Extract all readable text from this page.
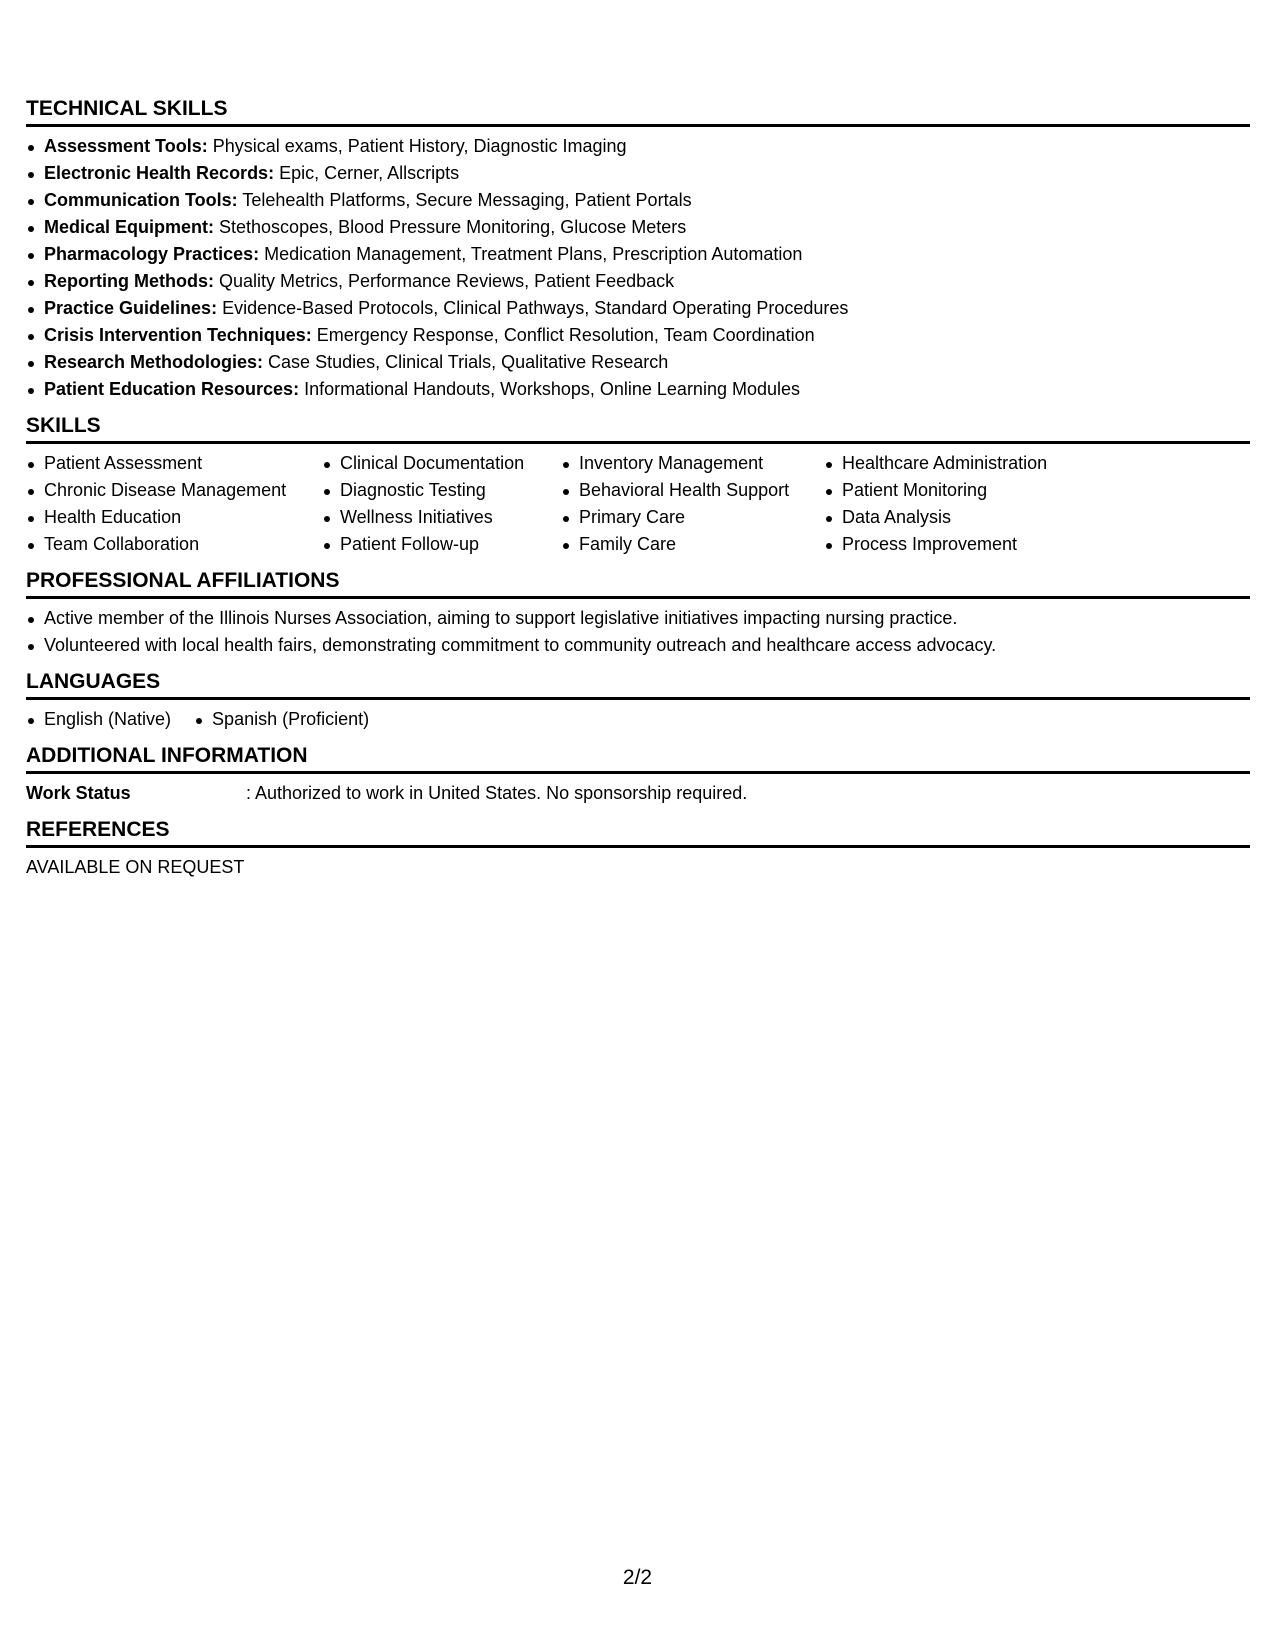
TECHNICAL SKILLS
Assessment Tools: Physical exams, Patient History, Diagnostic Imaging
Electronic Health Records: Epic, Cerner, Allscripts
Communication Tools: Telehealth Platforms, Secure Messaging, Patient Portals
Medical Equipment: Stethoscopes, Blood Pressure Monitoring, Glucose Meters
Pharmacology Practices: Medication Management, Treatment Plans, Prescription Automation
Reporting Methods: Quality Metrics, Performance Reviews, Patient Feedback
Practice Guidelines: Evidence-Based Protocols, Clinical Pathways, Standard Operating Procedures
Crisis Intervention Techniques: Emergency Response, Conflict Resolution, Team Coordination
Research Methodologies: Case Studies, Clinical Trials, Qualitative Research
Patient Education Resources: Informational Handouts, Workshops, Online Learning Modules
SKILLS
Patient Assessment
Chronic Disease Management
Health Education
Team Collaboration
Clinical Documentation
Diagnostic Testing
Wellness Initiatives
Patient Follow-up
Inventory Management
Behavioral Health Support
Primary Care
Family Care
Healthcare Administration
Patient Monitoring
Data Analysis
Process Improvement
PROFESSIONAL AFFILIATIONS
Active member of the Illinois Nurses Association, aiming to support legislative initiatives impacting nursing practice.
Volunteered with local health fairs, demonstrating commitment to community outreach and healthcare access advocacy.
LANGUAGES
English (Native)	Spanish (Proficient)
ADDITIONAL INFORMATION
Work Status	: Authorized to work in United States. No sponsorship required.
REFERENCES
AVAILABLE ON REQUEST
2/2
